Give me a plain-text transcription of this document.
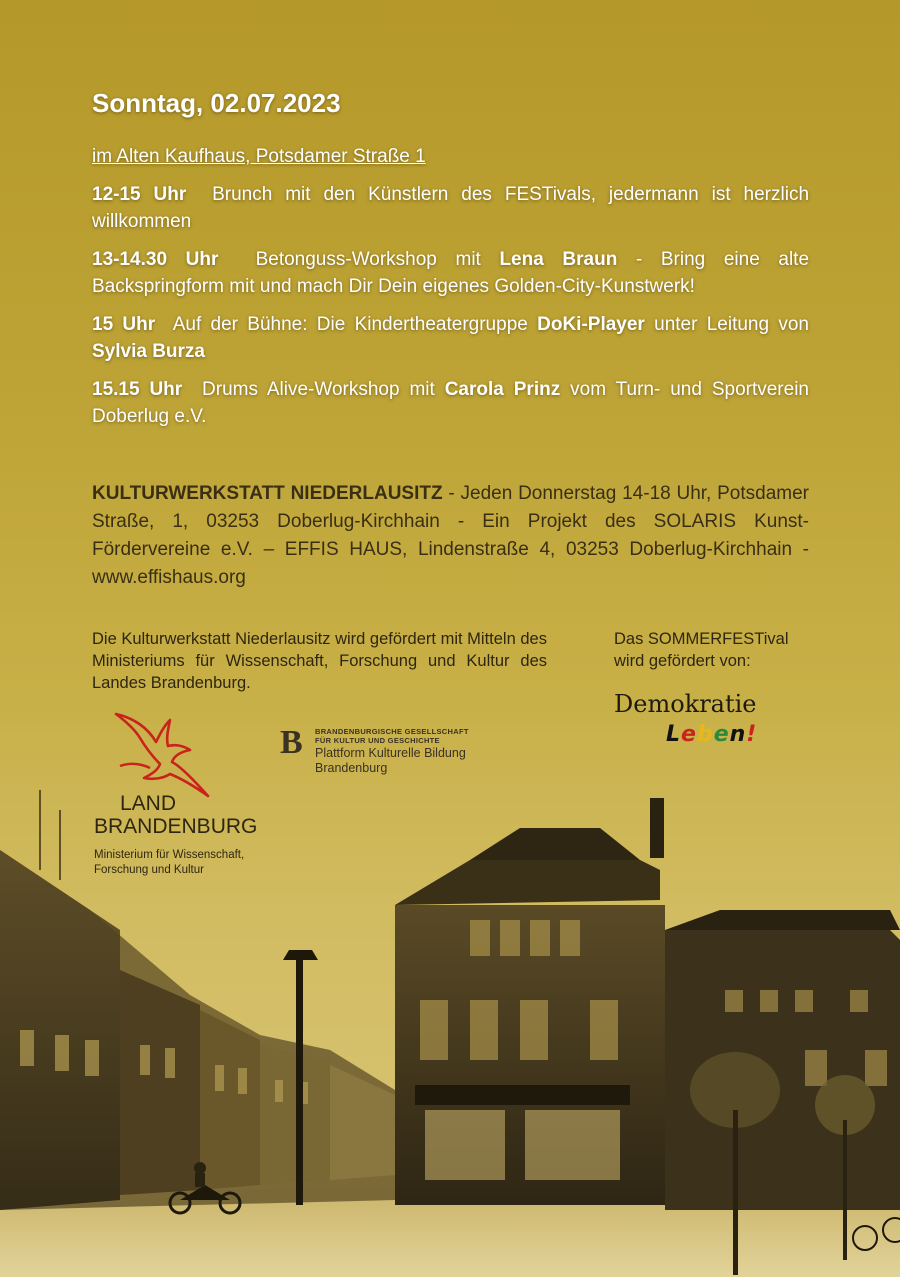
Sonntag, 02.07.2023
im Alten Kaufhaus, Potsdamer Straße 1
12-15 Uhr Brunch mit den Künstlern des FESTivals, jedermann ist herzlich willkommen
13-14.30 Uhr Betonguss-Workshop mit Lena Braun - Bring eine alte Backspringform mit und mach Dir Dein eigenes Golden-City-Kunstwerk!
15 Uhr Auf der Bühne: Die Kindertheatergruppe DoKi-Player unter Leitung von Sylvia Burza
15.15 Uhr Drums Alive-Workshop mit Carola Prinz vom Turn- und Sportverein Doberlug e.V.
KULTURWERKSTATT NIEDERLAUSITZ - Jeden Donnerstag 14-18 Uhr, Potsdamer Straße, 1, 03253 Doberlug-Kirchhain - Ein Projekt des SOLARIS Kunst-Fördervereine e.V. – EFFIS HAUS, Lindenstraße 4, 03253 Doberlug-Kirchhain - www.effishaus.org
Die Kulturwerkstatt Niederlausitz wird gefördert mit Mitteln des Ministeriums für Wissenschaft, Forschung und Kultur des Landes Brandenburg.
Das SOMMERFESTival wird gefördert von:
LAND
BRANDENBURG
Ministerium für Wissenschaft,
Forschung und Kultur
B BRANDENBURGISCHE GESELLSCHAFT
FÜR KULTUR UND GESCHICHTE
Plattform Kulturelle Bildung
Brandenburg
Demokratie
Leben!
